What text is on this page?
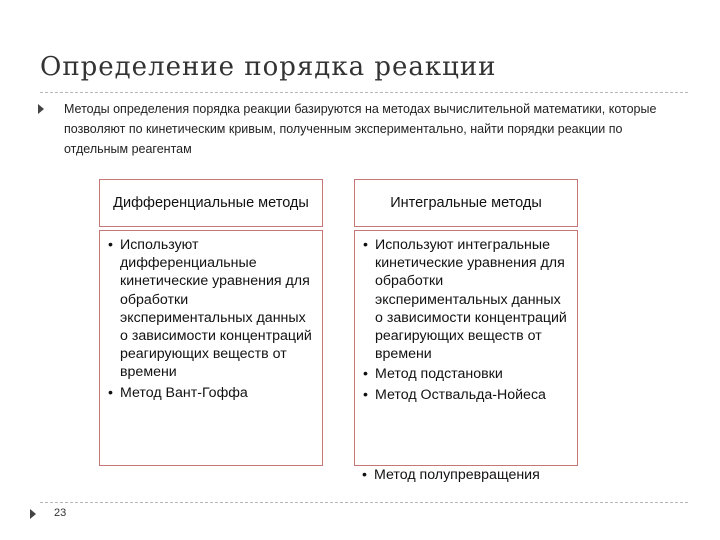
Определение порядка реакции
Методы определения порядка реакции базируются на методах вычислительной математики, которые позволяют по кинетическим кривым, полученным экспериментально, найти порядки реакции по отдельным реагентам
Дифференциальные методы
• Используют дифференциальные кинетические уравнения для обработки экспериментальных данных о зависимости концентраций реагирующих веществ от времени
• Метод Вант-Гоффа
Интегральные методы
• Используют интегральные кинетические уравнения для обработки экспериментальных данных о зависимости концентраций реагирующих веществ от времени
• Метод подстановки
• Метод Оствальда-Нойеса
• Метод полупревращения
23
